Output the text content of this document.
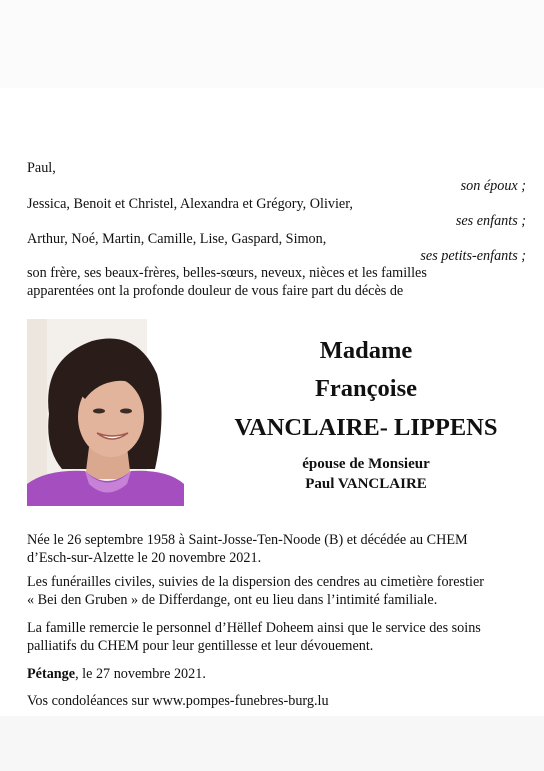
Paul,
son époux ;
Jessica, Benoit et Christel, Alexandra et Grégory, Olivier,
ses enfants ;
Arthur, Noé, Martin, Camille, Lise, Gaspard, Simon,
ses petits-enfants ;
son frère, ses beaux-frères, belles-sœurs, neveux, nièces et les familles
apparentées ont la profonde douleur de vous faire part du décès de
Madame
Françoise
VANCLAIRE- LIPPENS
épouse de Monsieur
Paul VANCLAIRE
Née le 26 septembre 1958 à Saint-Josse-Ten-Noode (B) et décédée au CHEM
d’Esch-sur-Alzette le 20 novembre 2021.
Les funérailles civiles, suivies de la dispersion des cendres au cimetière forestier
« Bei den Gruben » de Differdange, ont eu lieu dans l’intimité familiale.
La famille remercie le personnel d’Hëllef Doheem ainsi que le service des soins
palliatifs du CHEM pour leur gentillesse et leur dévouement.
Pétange, le 27 novembre 2021.
Vos condoléances sur www.pompes-funebres-burg.lu
